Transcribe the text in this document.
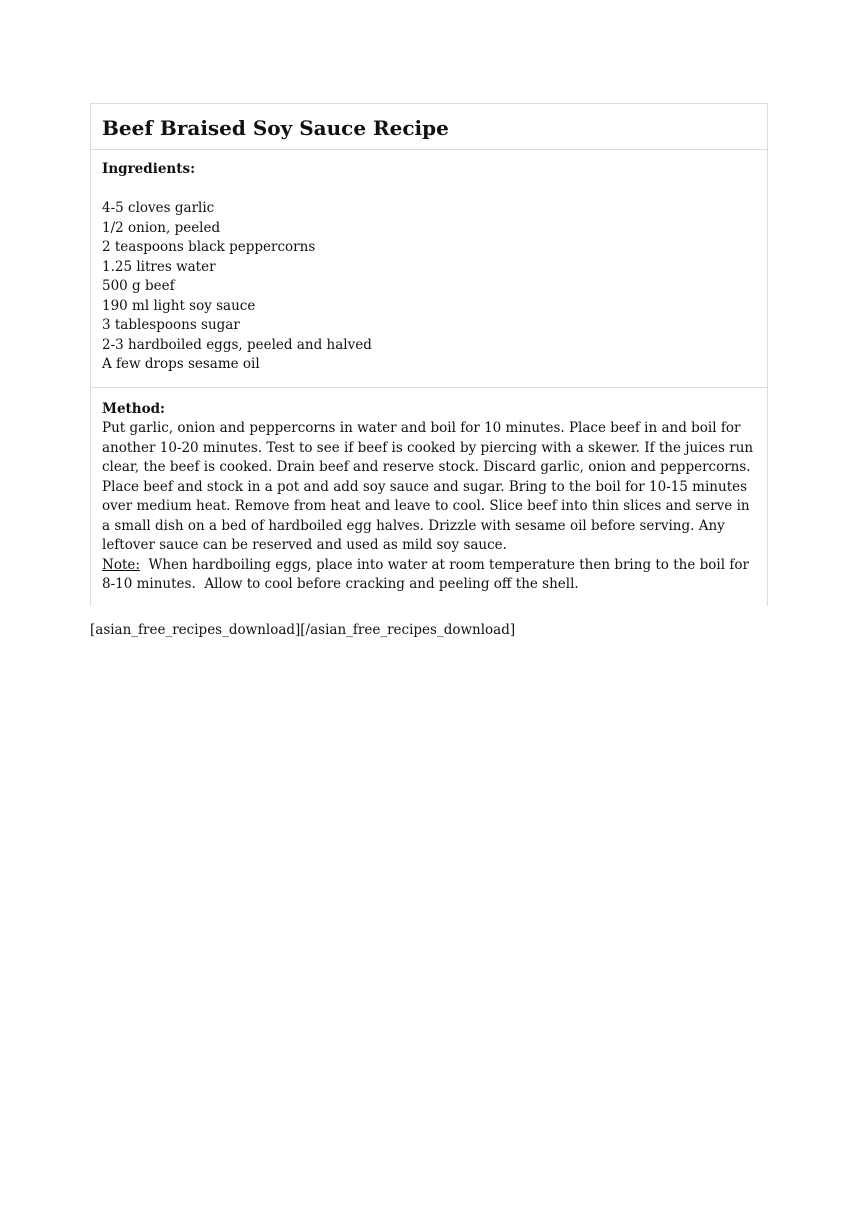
Beef Braised Soy Sauce Recipe
Ingredients:
4-5 cloves garlic
1/2 onion, peeled
2 teaspoons black peppercorns
1.25 litres water
500 g beef
190 ml light soy sauce
3 tablespoons sugar
2-3 hardboiled eggs, peeled and halved
A few drops sesame oil
Method:

Put garlic, onion and peppercorns in water and boil for 10 minutes. Place beef in and boil for another 10-20 minutes. Test to see if beef is cooked by piercing with a skewer. If the juices run clear, the beef is cooked. Drain beef and reserve stock. Discard garlic, onion and peppercorns. Place beef and stock in a pot and add soy sauce and sugar. Bring to the boil for 10-15 minutes over medium heat. Remove from heat and leave to cool. Slice beef into thin slices and serve in a small dish on a bed of hardboiled egg halves. Drizzle with sesame oil before serving. Any leftover sauce can be reserved and used as mild soy sauce.

Note:  When hardboiling eggs, place into water at room temperature then bring to the boil for 8-10 minutes.  Allow to cool before cracking and peeling off the shell.

[asian_free_recipes_download][/asian_free_recipes_download]
